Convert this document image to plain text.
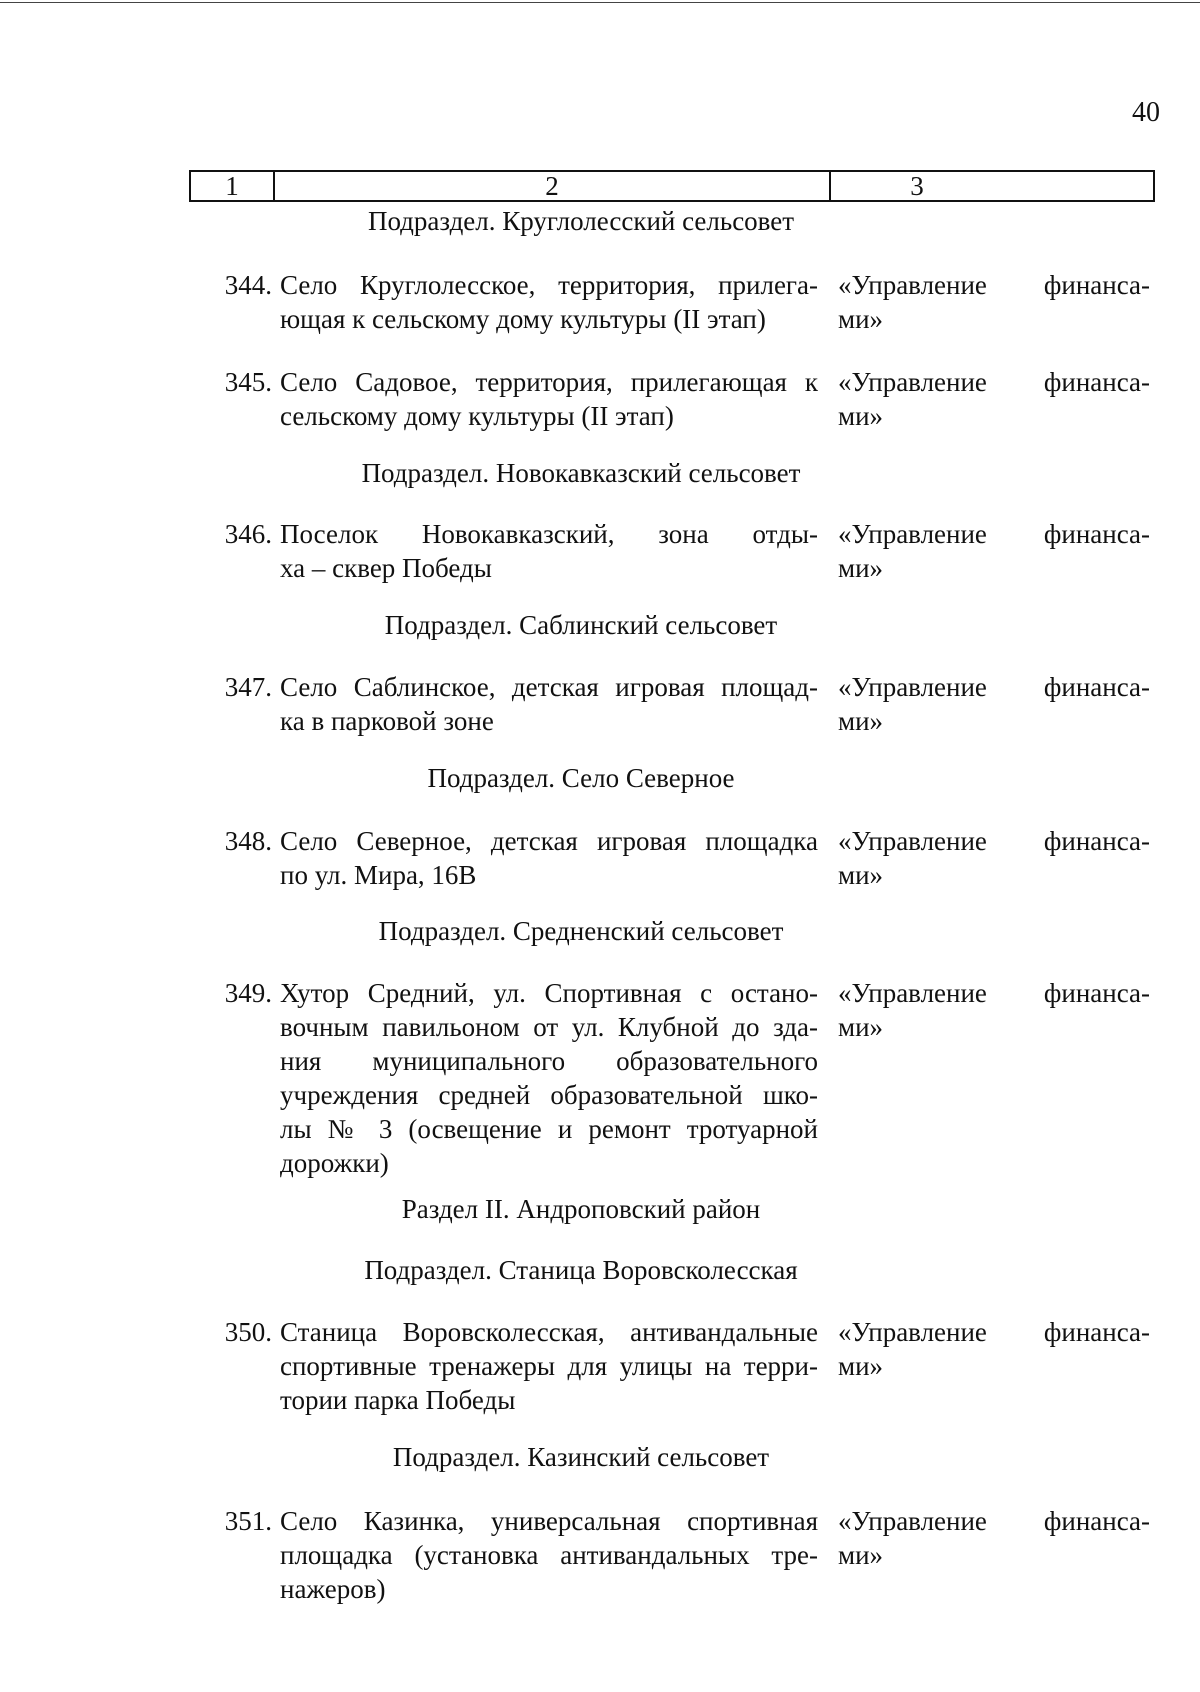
40
1	2	3
Подраздел. Круглолесский сельсовет
344. Село Круглолесское, территория, прилега-
ющая к сельскому дому культуры (II этап)
«Управление финанса-
ми»
345. Село Садовое, территория, прилегающая к
сельскому дому культуры (II этап)
«Управление финанса-
ми»
Подраздел. Новокавказский сельсовет
346. Поселок Новокавказский, зона отды-
ха – сквер Победы
«Управление финанса-
ми»
Подраздел. Саблинский сельсовет
347. Село Саблинское, детская игровая площад-
ка в парковой зоне
«Управление финанса-
ми»
Подраздел. Село Северное
348. Село Северное, детская игровая площадка
по ул. Мира, 16В
«Управление финанса-
ми»
Подраздел. Средненский сельсовет
349. Хутор Средний, ул. Спортивная с остано-
вочным павильоном от ул. Клубной до зда-
ния муниципального образовательного
учреждения средней образовательной шко-
лы № 3 (освещение и ремонт тротуарной
дорожки)
«Управление финанса-
ми»
Раздел II. Андроповский район
Подраздел. Станица Воровсколесская
350. Станица Воровсколесская, антивандальные
спортивные тренажеры для улицы на терри-
тории парка Победы
«Управление финанса-
ми»
Подраздел. Казинский сельсовет
351. Село Казинка, универсальная спортивная
площадка (установка антивандальных тре-
нажеров)
«Управление финанса-
ми»
